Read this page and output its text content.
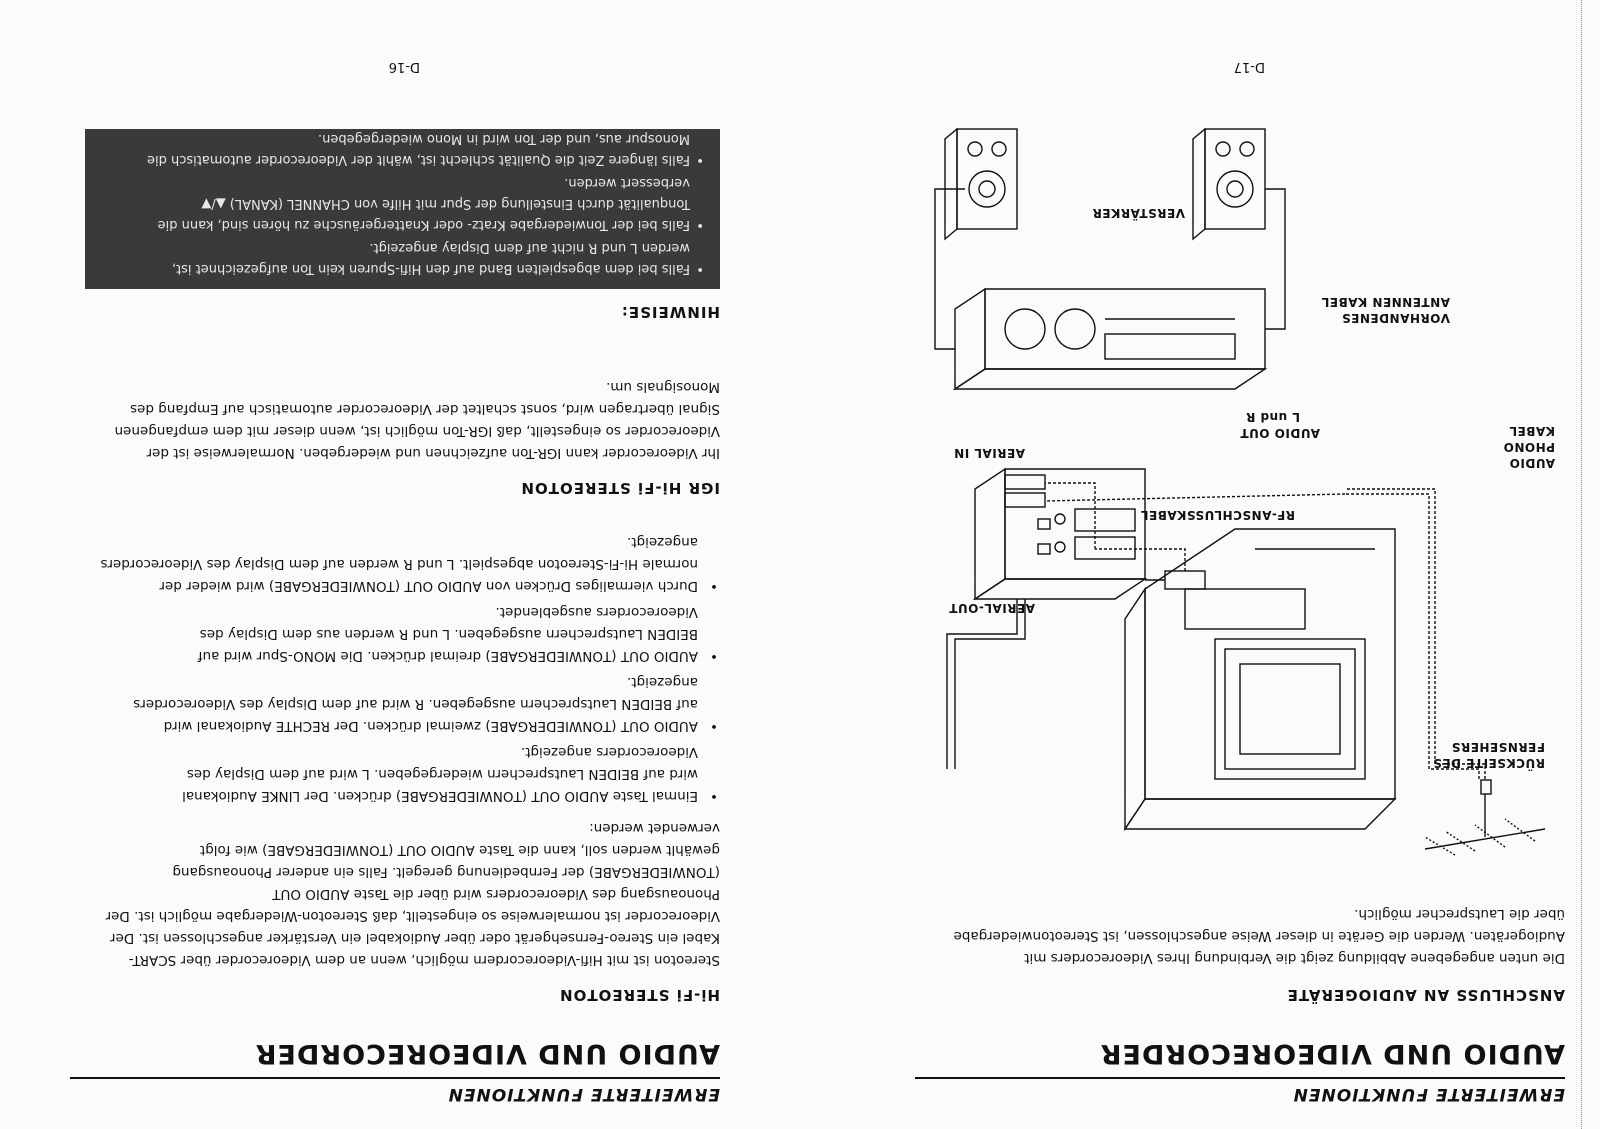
ERWEITERTE FUNKTIONEN
AUDIO UND VIDEORECORDER
ANSCHLUSS AN AUDIOGERÄTE
Die unten angegebene Abbildung zeigt die Verbindung Ihres Videorecorders mit
Audiogeräten. Werden die Geräte in dieser Weise angeschlossen, ist Stereotonwiedergabe
über die Lautsprecher möglich.
VORHANDENES
ANTENNEN KABEL
RÜCKSEITE DES
FERNSEHERS
RF-ANSCHLUSSKABEL
AERIAL IN
AERIAL-OUT
AUDIO OUT
L und R
AUDIO
PHONO
KABEL
VERSTÄRKER
D-17
ERWEITERTE FUNKTIONEN
AUDIO UND VIDEORECORDER
Hi-Fi STEREOTON
Stereoton ist mit Hifi-Videorecordern möglich, wenn an dem Videorecorder über SCART-
Kabel ein Stereo-Fernsehgerät oder über Audiokabel ein Verstärker angeschlossen ist. Der
Videorecorder ist normalerweise so eingestellt, daß Stereoton-Wiedergabe möglich ist. Der
Phonoausgang des Videorecorders wird über die Taste AUDIO OUT
(TONWIEDERGABE) der Fernbedienung geregelt. Falls ein anderer Phonoausgang
gewählt werden soll, kann die Taste AUDIO OUT (TONWIEDERGABE) wie folgt
verwendet werden:
• Einmal Taste AUDIO OUT (TONWIEDERGABE) drücken. Der LINKE Audiokanal
wird auf BEIDEN Lautsprechern wiedergegeben. L wird auf dem Display des
Videorecorders angezeigt.
• AUDIO OUT (TONWIEDERGABE) zweimal drücken. Der RECHTE Audiokanal wird
auf BEIDEN Lautsprechern ausgegeben. R wird auf dem Display des Videorecorders
angezeigt.
• AUDIO OUT (TONWIEDERGABE) dreimal drücken. Die MONO-Spur wird auf
BEIDEN Lautsprechern ausgegeben. L und R werden aus dem Display des
Videorecorders ausgeblendet.
• Durch viermaliges Drücken von AUDIO OUT (TONWIEDERGABE) wird wieder der
normale Hi-Fi-Stereoton abgespielt. L und R werden auf dem Display des Videorecorders
angezeigt.
IGR Hi-Fi STEREOTON
Ihr Videorecorder kann IGR-Ton aufzeichnen und wiedergeben. Normalerweise ist der
Videorecorder so eingestellt, daß IGR-Ton möglich ist, wenn dieser mit dem empfangenen
Signal übertragen wird, sonst schaltet der Videorecorder automatisch auf Empfang des
Monosignals um.
HINWEISE:
• Falls bei dem abgespielten Band auf den Hifi-Spuren kein Ton aufgezeichnet ist,
werden L und R nicht auf dem Display angezeigt.
• Falls bei der Tonwiedergabe Kratz- oder Knattergeräusche zu hören sind, kann die
Tonqualität durch Einstellung der Spur mit Hilfe von CHANNEL (KANAL) ▲/▼
verbessert werden.
• Falls längere Zeit die Qualität schlecht ist, wählt der Videorecorder automatisch die
Monospur aus, und der Ton wird in Mono wiedergegeben.
D-16
